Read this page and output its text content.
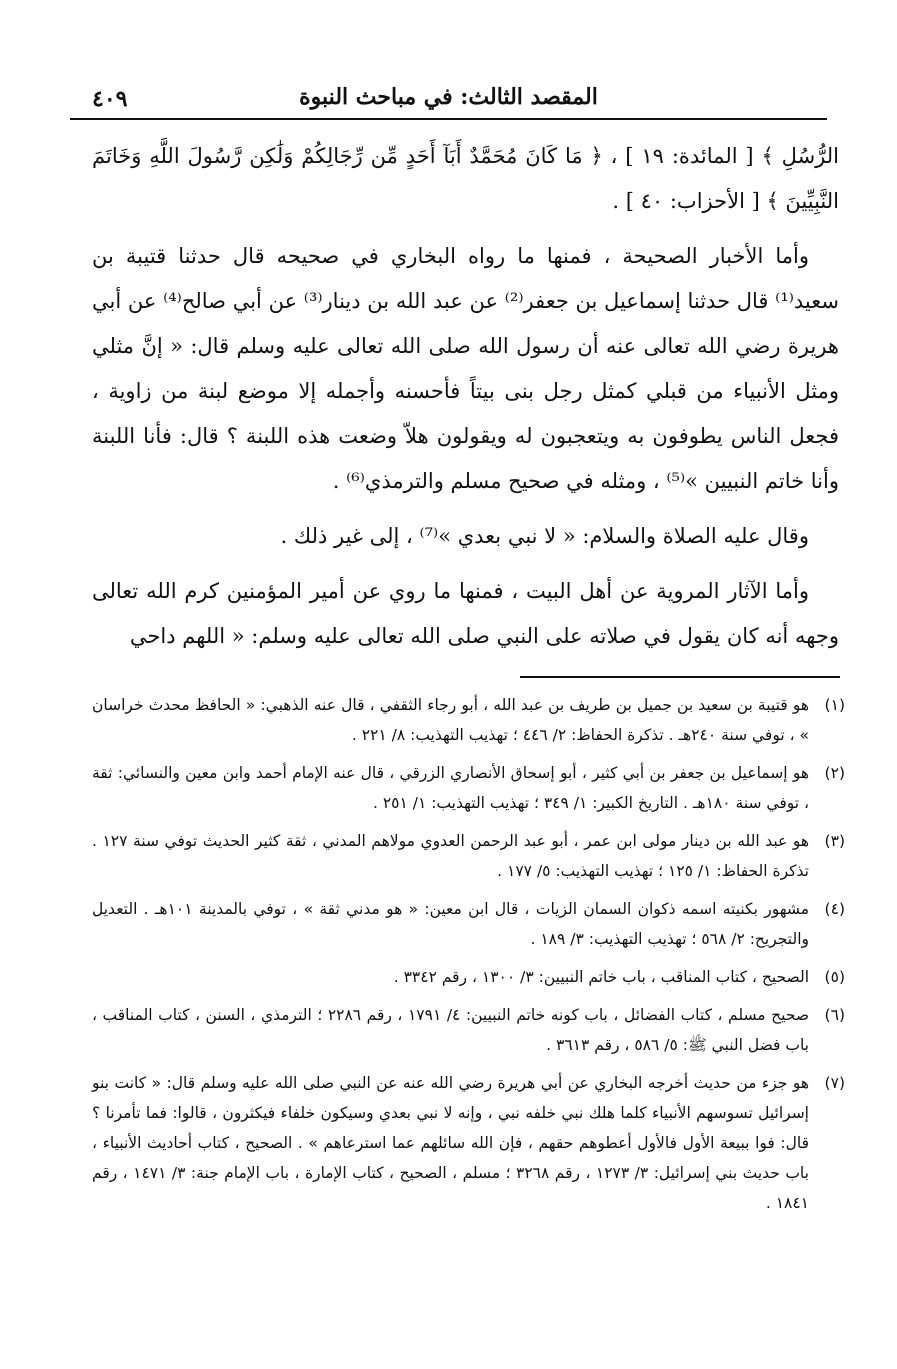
٤٠٩	المقصد الثالث: في مباحث النبوة

الرُّسُلِ ﴾ [ المائدة: ١٩ ] ، ﴿ مَا كَانَ مُحَمَّدٌ أَبَآ أَحَدٍ مِّن رِّجَالِكُمْ وَلَٰكِن رَّسُولَ اللَّهِ وَخَاتَمَ النَّبِيِّينَ ﴾ [ الأحزاب: ٤٠ ] .

وأما الأخبار الصحيحة ، فمنها ما رواه البخاري في صحيحه قال حدثنا قتيبة بن سعيد⁽¹⁾ قال حدثنا إسماعيل بن جعفر⁽²⁾ عن عبد الله بن دينار⁽³⁾ عن أبي صالح⁽⁴⁾ عن أبي هريرة رضي الله تعالى عنه أن رسول الله صلى الله تعالى عليه وسلم قال: « إنَّ مثلي ومثل الأنبياء من قبلي كمثل رجل بنى بيتاً فأحسنه وأجمله إلا موضع لبنة من زاوية ، فجعل الناس يطوفون به ويتعجبون له ويقولون هلاّ وضعت هذه اللبنة ؟ قال: فأنا اللبنة وأنا خاتم النبيين »⁽⁵⁾ ، ومثله في صحيح مسلم والترمذي⁽⁶⁾ .

وقال عليه الصلاة والسلام: « لا نبي بعدي »⁽⁷⁾ ، إلى غير ذلك .

وأما الآثار المروية عن أهل البيت ، فمنها ما روي عن أمير المؤمنين كرم الله تعالى وجهه أنه كان يقول في صلاته على النبي صلى الله تعالى عليه وسلم: « اللهم داحي

(١)
هو قتيبة بن سعيد بن جميل بن طريف بن عبد الله ، أبو رجاء الثقفي ، قال عنه الذهبي: « الحافظ محدث خراسان » ، توفي سنة ٢٤٠هـ . تذكرة الحفاظ: ٢/ ٤٤٦ ؛ تهذيب التهذيب: ٨/ ٢٢١ .
(٢)
هو إسماعيل بن جعفر بن أبي كثير ، أبو إسحاق الأنصاري الزرقي ، قال عنه الإمام أحمد وابن معين والنسائي: ثقة ، توفي سنة ١٨٠هـ . التاريخ الكبير: ١/ ٣٤٩ ؛ تهذيب التهذيب: ١/ ٢٥١ .
(٣)
هو عبد الله بن دينار مولى ابن عمر ، أبو عبد الرحمن العدوي مولاهم المدني ، ثقة كثير الحديث توفي سنة ١٢٧ . تذكرة الحفاظ: ١/ ١٢٥ ؛ تهذيب التهذيب: ٥/ ١٧٧ .
(٤)
مشهور بكنيته اسمه ذكوان السمان الزيات ، قال ابن معين: « هو مدني ثقة » ، توفي بالمدينة ١٠١هـ . التعديل والتجريح: ٢/ ٥٦٨ ؛ تهذيب التهذيب: ٣/ ١٨٩ .
(٥)
الصحيح ، كتاب المناقب ، باب خاتم النبيين: ٣/ ١٣٠٠ ، رقم ٣٣٤٢ .
(٦)
صحيح مسلم ، كتاب الفضائل ، باب كونه خاتم النبيين: ٤/ ١٧٩١ ، رقم ٢٢٨٦ ؛ الترمذي ، السنن ، كتاب المناقب ، باب فضل النبي ﷺ: ٥/ ٥٨٦ ، رقم ٣٦١٣ .
(٧)
هو جزء من حديث أخرجه البخاري عن أبي هريرة رضي الله عنه عن النبي صلى الله عليه وسلم قال: « كانت بنو إسرائيل تسوسهم الأنبياء كلما هلك نبي خلفه نبي ، وإنه لا نبي بعدي وسيكون خلفاء فيكثرون ، قالوا: فما تأمرنا ؟ قال: فوا ببيعة الأول فالأول أعطوهم حقهم ، فإن الله سائلهم عما استرعاهم » . الصحيح ، كتاب أحاديث الأنبياء ، باب حديث بني إسرائيل: ٣/ ١٢٧٣ ، رقم ٣٢٦٨ ؛ مسلم ، الصحيح ، كتاب الإمارة ، باب الإمام جنة: ٣/ ١٤٧١ ، رقم ١٨٤١ .
